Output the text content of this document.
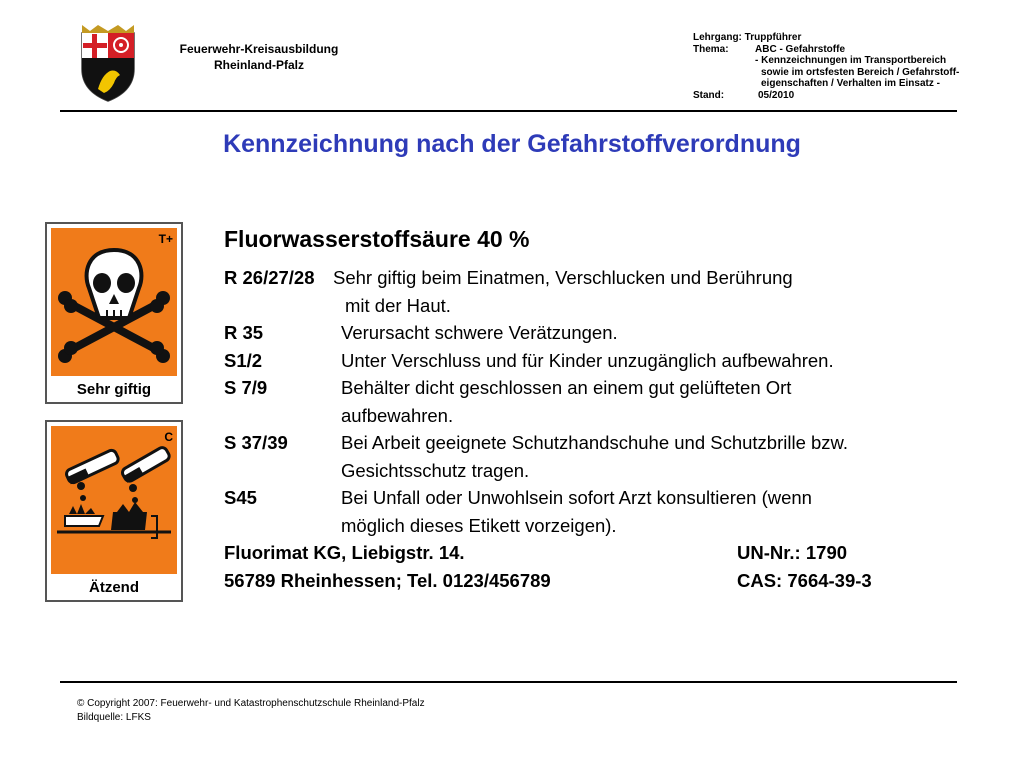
Feuerwehr-Kreisausbildung
Rheinland-Pfalz
Lehrgang:
Truppführer
Thema:	ABC - Gefahrstoffe
- Kennzeichnungen im Transportbereich
sowie im ortsfesten Bereich / Gefahrstoff-
eigenschaften / Verhalten im Einsatz -
Stand:	05/2010
Kennzeichnung nach der Gefahrstoffverordnung
T+
Sehr giftig
C
Ätzend
Fluorwasserstoffsäure 40 %
R 26/27/28 Sehr giftig beim Einatmen, Verschlucken und Berührung
mit der Haut.
R 35	Verursacht schwere Verätzungen.
S1/2	Unter Verschluss und für Kinder unzugänglich aufbewahren.
S 7/9	Behälter dicht geschlossen an einem gut gelüfteten Ort
aufbewahren.
S 37/39	Bei Arbeit geeignete Schutzhandschuhe und Schutzbrille bzw.
Gesichtsschutz tragen.
S45	Bei Unfall oder Unwohlsein sofort Arzt konsultieren (wenn
möglich dieses Etikett vorzeigen).
Fluorimat KG, Liebigstr. 14.	UN-Nr.: 1790
56789 Rheinhessen; Tel. 0123/456789	CAS: 7664-39-3
© Copyright 2007: Feuerwehr- und Katastrophenschutzschule Rheinland-Pfalz
Bildquelle: LFKS
